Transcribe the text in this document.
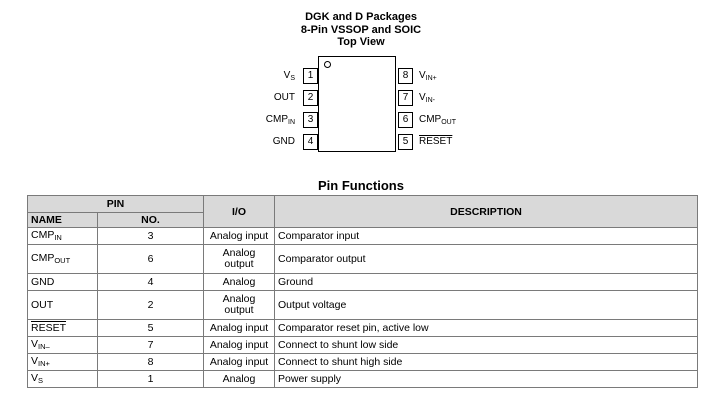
DGK and D Packages
8-Pin VSSOP and SOIC
Top View
1
2
3
4
$V_S$
OUT
$CMP_{IN}$
GND
8
7
6
5
$V_{IN+}$
$V_{IN-}$
$CMP_{OUT}$
RESET
Pin Functions
PIN		I/O	DESCRIPTION
NAME	NO.		
$CMP_{IN}$	3	Analog input	Comparator input
$CMP_{OUT}$	6	Analog output	Comparator output
GND	4	Analog	Ground
OUT	2	Analog output	Output voltage
RESET	5	Analog input	Comparator reset pin, active low
$V_{IN-}$	7	Analog input	Connect to shunt low side
$V_{IN+}$	8	Analog input	Connect to shunt high side
$V_S$	1	Analog	Power supply
